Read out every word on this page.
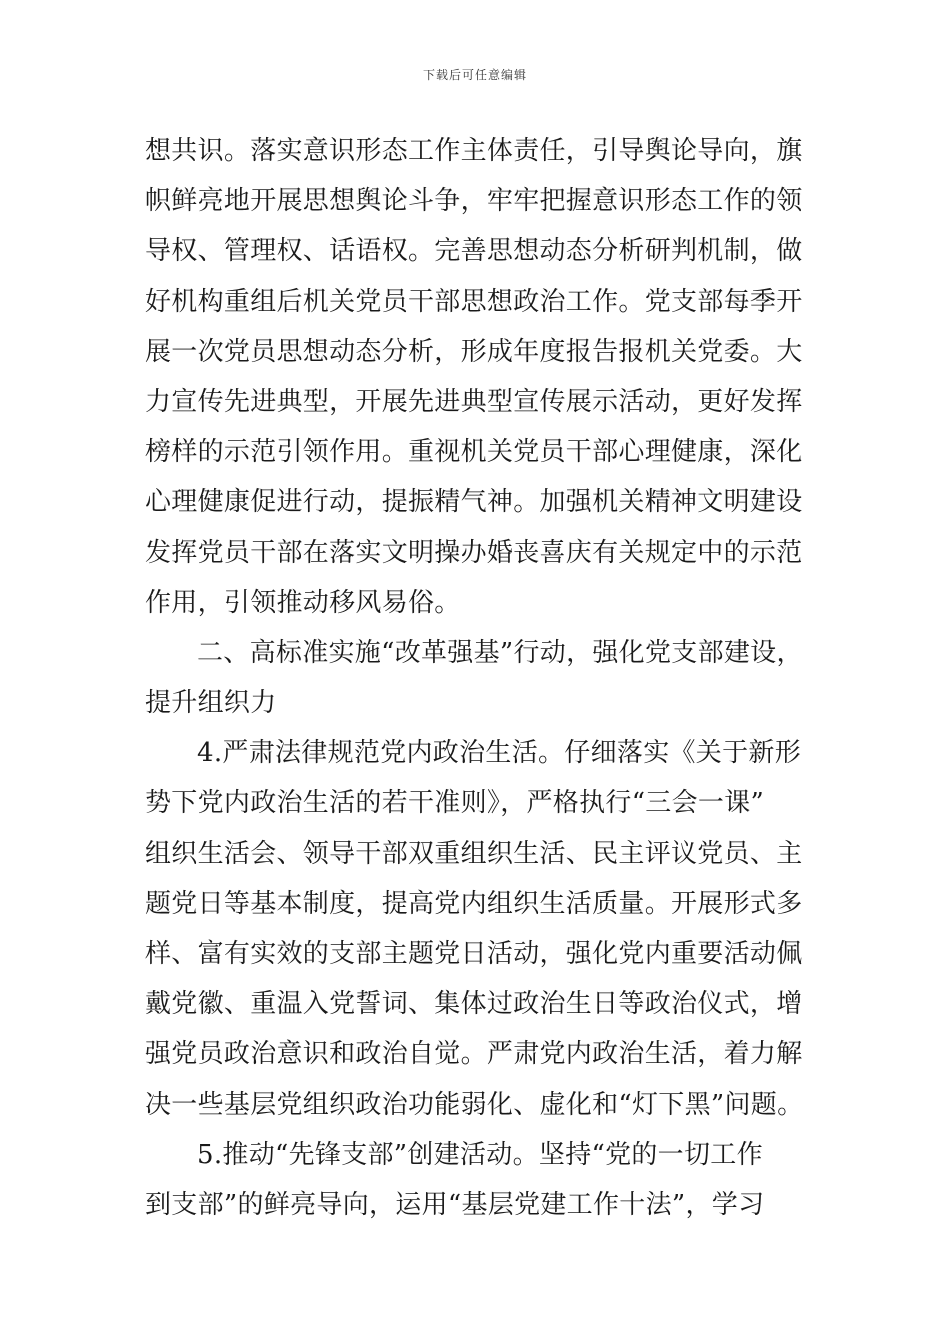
下载后可任意编辑
想共识。落实意识形态工作主体责任，引导舆论导向，旗
帜鲜亮地开展思想舆论斗争，牢牢把握意识形态工作的领
导权、管理权、话语权。完善思想动态分析研判机制，做
好机构重组后机关党员干部思想政治工作。党支部每季开
展一次党员思想动态分析，形成年度报告报机关党委。大
力宣传先进典型，开展先进典型宣传展示活动，更好发挥
榜样的示范引领作用。重视机关党员干部心理健康，深化
心理健康促进行动，提振精气神。加强机关精神文明建设
发挥党员干部在落实文明操办婚丧喜庆有关规定中的示范
作用，引领推动移风易俗。
二、高标准实施“改革强基”行动，强化党支部建设，
提升组织力
4.严肃法律规范党内政治生活。仔细落实《关于新形
势下党内政治生活的若干准则》，严格执行“三会一课”
组织生活会、领导干部双重组织生活、民主评议党员、主
题党日等基本制度，提高党内组织生活质量。开展形式多
样、富有实效的支部主题党日活动，强化党内重要活动佩
戴党徽、重温入党誓词、集体过政治生日等政治仪式，增
强党员政治意识和政治自觉。严肃党内政治生活，着力解
决一些基层党组织政治功能弱化、虚化和“灯下黑”问题。
5.推动“先锋支部”创建活动。坚持“党的一切工作
到支部”的鲜亮导向，运用“基层党建工作十法”，学习
